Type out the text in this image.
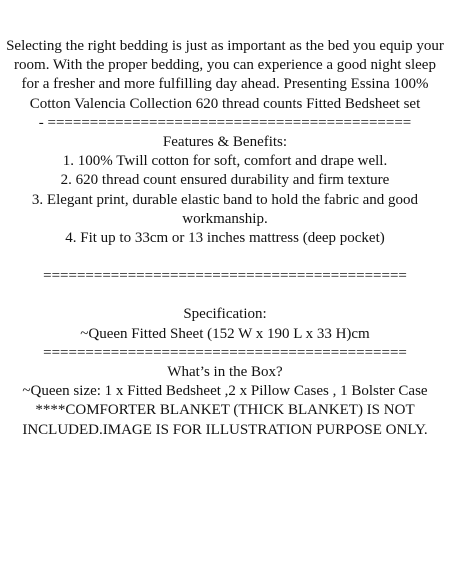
Selecting the right bedding is just as important as the bed you equip your room. With the proper bedding, you can experience a good night sleep for a fresher and more fulfilling day ahead. Presenting Essina 100% Cotton Valencia Collection 620 thread counts Fitted Bedsheet set

- ===========================================

Features & Benefits:

1. 100% Twill cotton for soft, comfort and drape well.

2. 620 thread count ensured durability and firm texture

3. Elegant print, durable elastic band to hold the fabric and good workmanship.

4. Fit up to 33cm or 13 inches mattress (deep pocket)

===========================================

Specification:

~Queen Fitted Sheet (152 W x 190 L x 33 H)cm

===========================================

What’s in the Box?

~Queen size: 1 x Fitted Bedsheet ,2 x Pillow Cases , 1 Bolster Case

****COMFORTER BLANKET (THICK BLANKET) IS NOT INCLUDED.IMAGE IS FOR ILLUSTRATION PURPOSE ONLY.
